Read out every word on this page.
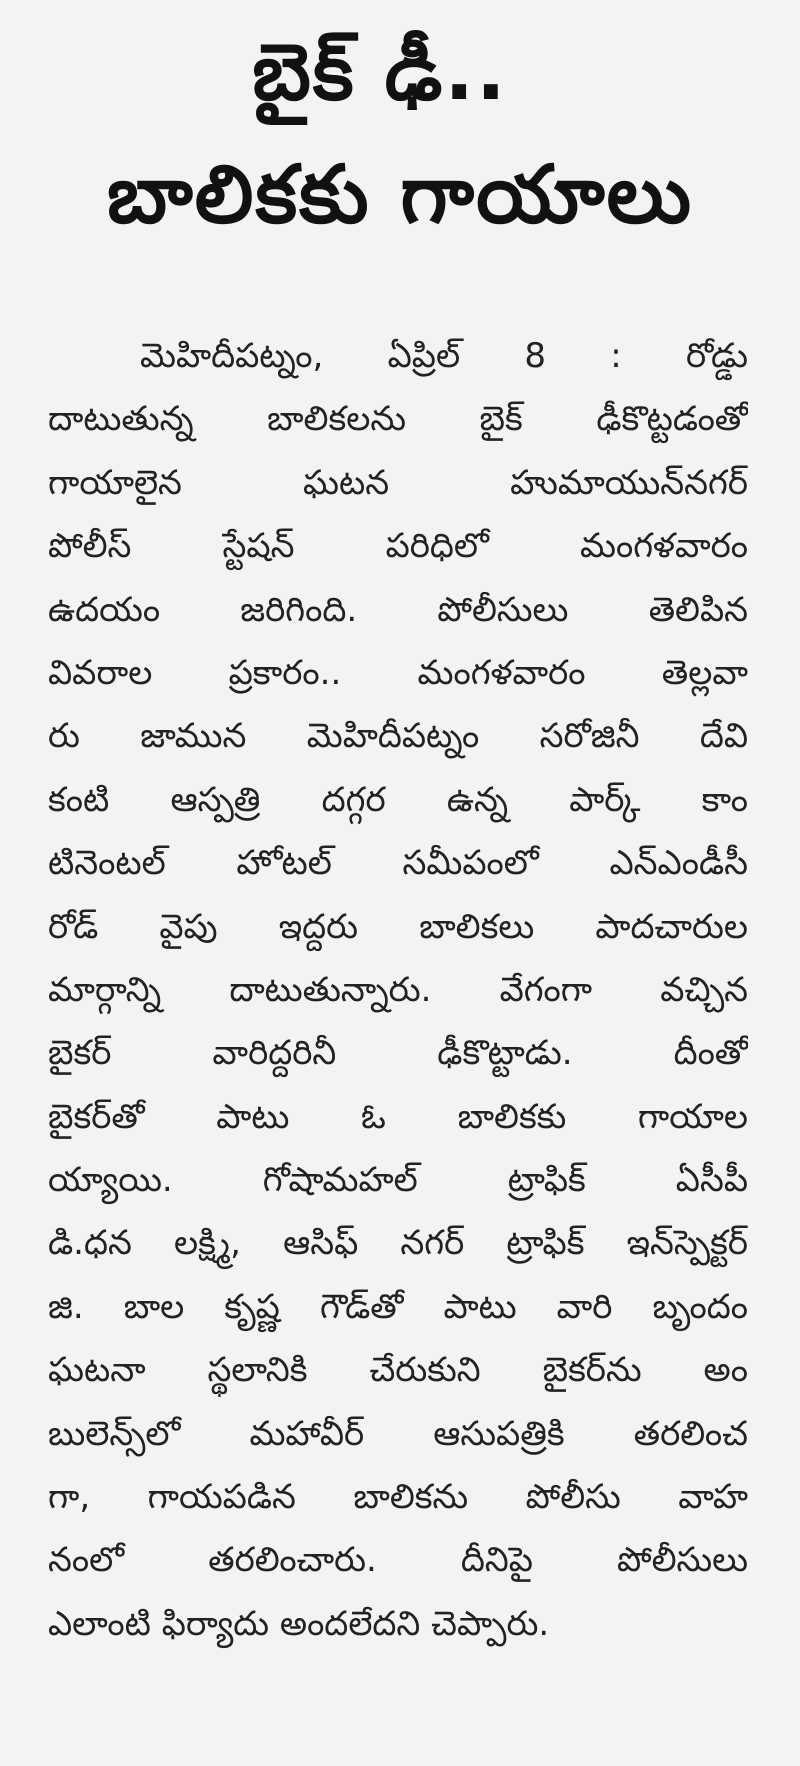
బైక్ ఢీ..
బాలికకు గాయాలు
మెహిదీపట్నం, ఏప్రిల్ 8 : రోడ్డు
దాటుతున్న బాలికలను బైక్ ఢీకొట్టడంతో
గాయాలైన ఘటన హుమాయున్‌నగర్
పోలీస్ స్టేషన్ పరిధిలో మంగళవారం
ఉదయం జరిగింది. పోలీసులు తెలిపిన
వివరాల ప్రకారం.. మంగళవారం తెల్లవా
రు జామున మెహిదీపట్నం సరోజినీ దేవి
కంటి ఆస్పత్రి దగ్గర ఉన్న పార్క్ కాం
టినెంటల్ హోటల్ సమీపంలో ఎన్ఎండీసీ
రోడ్ వైపు ఇద్దరు బాలికలు పాదచారుల
మార్గాన్ని దాటుతున్నారు. వేగంగా వచ్చిన
బైకర్ వారిద్దరినీ ఢీకొట్టాడు. దీంతో
బైకర్‌తో పాటు ఓ బాలికకు గాయాల
య్యాయి. గోషామహల్ ట్రాఫిక్ ఏసీపీ
డి.ధన లక్ష్మి, ఆసిఫ్ నగర్ ట్రాఫిక్ ఇన్‌స్పెక్టర్
జి. బాల కృష్ణ గౌడ్‌తో పాటు వారి బృందం
ఘటనా స్థలానికి చేరుకుని బైకర్‌ను అం
బులెన్స్‌లో మహావీర్ ఆసుపత్రికి తరలించ
గా, గాయపడిన బాలికను పోలీసు వాహ
నంలో తరలించారు. దీనిపై పోలీసులు
ఎలాంటి ఫిర్యాదు అందలేదని చెప్పారు.
